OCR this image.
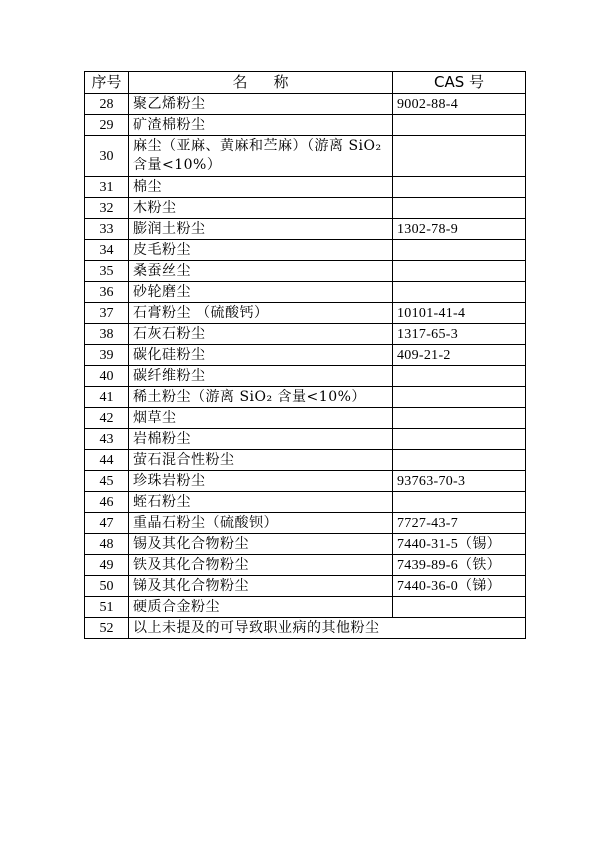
序号	名 称	CAS 号
28	聚乙烯粉尘	9002-88-4
29	矿渣棉粉尘	
30	麻尘（亚麻、黄麻和苎麻）（游离 SiO₂ 含量<10%）	
31	棉尘	
32	木粉尘	
33	膨润土粉尘	1302-78-9
34	皮毛粉尘	
35	桑蚕丝尘	
36	砂轮磨尘	
37	石膏粉尘 （硫酸钙）	10101-41-4
38	石灰石粉尘	1317-65-3
39	碳化硅粉尘	409-21-2
40	碳纤维粉尘	
41	稀土粉尘（游离 SiO₂ 含量<10%）	
42	烟草尘	
43	岩棉粉尘	
44	萤石混合性粉尘	
45	珍珠岩粉尘	93763-70-3
46	蛭石粉尘	
47	重晶石粉尘（硫酸钡）	7727-43-7
48	锡及其化合物粉尘	7440-31-5（锡）
49	铁及其化合物粉尘	7439-89-6（铁）
50	锑及其化合物粉尘	7440-36-0（锑）
51	硬质合金粉尘	
52	以上未提及的可导致职业病的其他粉尘	
